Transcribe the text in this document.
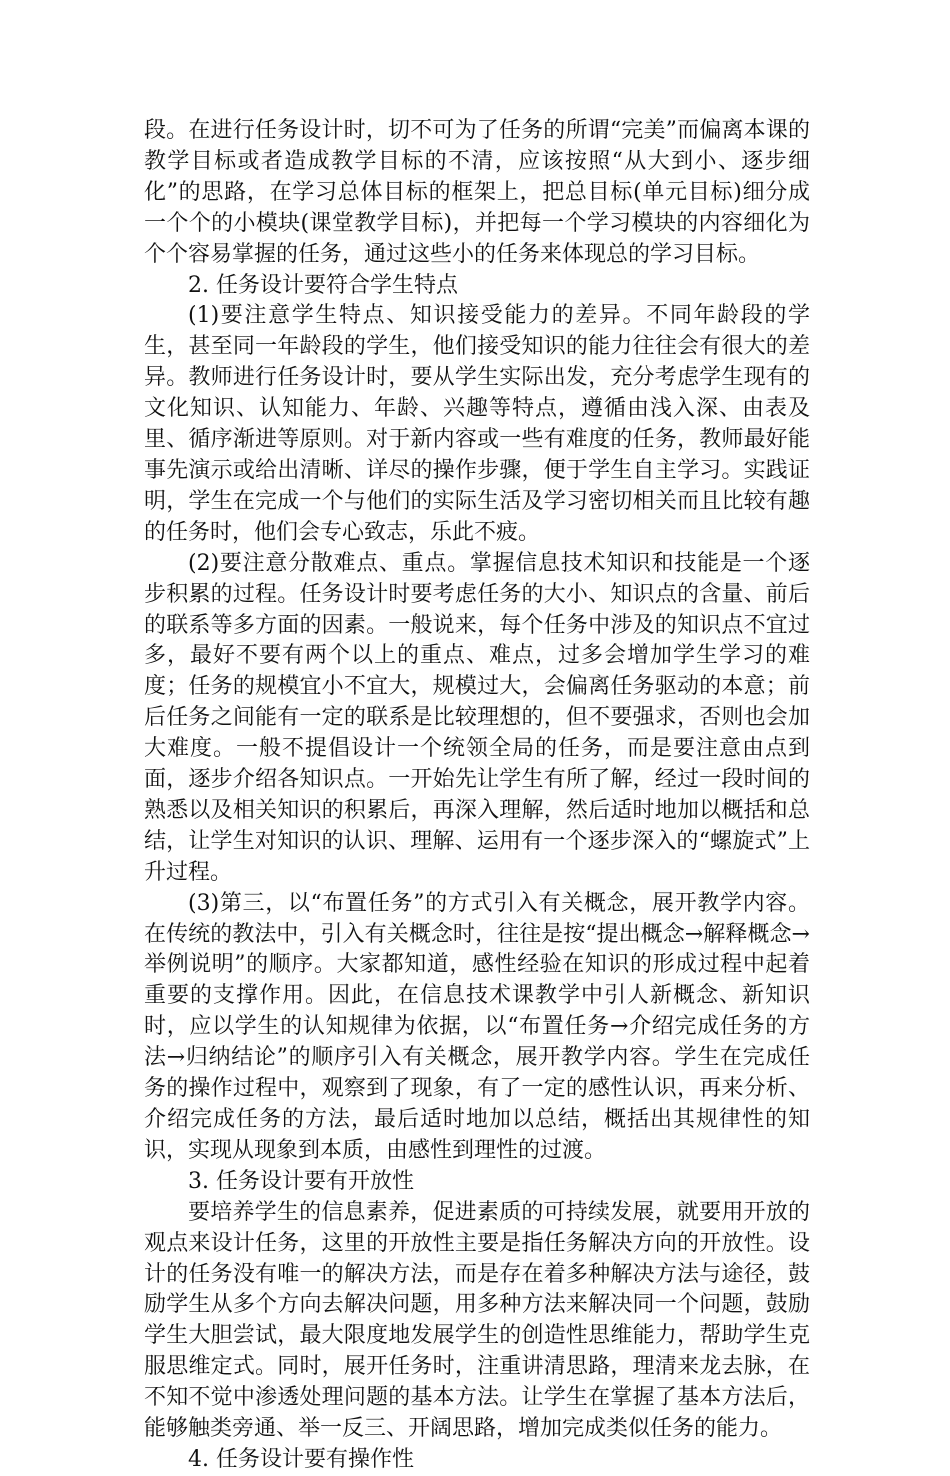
段。在进行任务设计时，切不可为了任务的所谓“完美”而偏离本课的教学目标或者造成教学目标的不清，应该按照“从大到小、逐步细化”的思路，在学习总体目标的框架上，把总目标(单元目标)细分成一个个的小模块(课堂教学目标)，并把每一个学习模块的内容细化为个个容易掌握的任务，通过这些小的任务来体现总的学习目标。

2. 任务设计要符合学生特点

(1)要注意学生特点、知识接受能力的差异。不同年龄段的学生，甚至同一年龄段的学生，他们接受知识的能力往往会有很大的差异。教师进行任务设计时，要从学生实际出发，充分考虑学生现有的文化知识、认知能力、年龄、兴趣等特点，遵循由浅入深、由表及里、循序渐进等原则。对于新内容或一些有难度的任务，教师最好能事先演示或给出清晰、详尽的操作步骤，便于学生自主学习。实践证明，学生在完成一个与他们的实际生活及学习密切相关而且比较有趣的任务时，他们会专心致志，乐此不疲。

(2)要注意分散难点、重点。掌握信息技术知识和技能是一个逐步积累的过程。任务设计时要考虑任务的大小、知识点的含量、前后的联系等多方面的因素。一般说来，每个任务中涉及的知识点不宜过多，最好不要有两个以上的重点、难点，过多会增加学生学习的难度；任务的规模宜小不宜大，规模过大，会偏离任务驱动的本意；前后任务之间能有一定的联系是比较理想的，但不要强求，否则也会加大难度。一般不提倡设计一个统领全局的任务，而是要注意由点到面，逐步介绍各知识点。一开始先让学生有所了解，经过一段时间的熟悉以及相关知识的积累后，再深入理解，然后适时地加以概括和总结，让学生对知识的认识、理解、运用有一个逐步深入的“螺旋式”上升过程。

(3)第三，以“布置任务”的方式引入有关概念，展开教学内容。在传统的教法中，引入有关概念时，往往是按“提出概念→解释概念→举例说明”的顺序。大家都知道，感性经验在知识的形成过程中起着重要的支撑作用。因此，在信息技术课教学中引人新概念、新知识时，应以学生的认知规律为依据，以“布置任务→介绍完成任务的方法→归纳结论”的顺序引入有关概念，展开教学内容。学生在完成任务的操作过程中，观察到了现象，有了一定的感性认识，再来分析、介绍完成任务的方法，最后适时地加以总结，概括出其规律性的知识，实现从现象到本质，由感性到理性的过渡。

3. 任务设计要有开放性

要培养学生的信息素养，促进素质的可持续发展，就要用开放的观点来设计任务，这里的开放性主要是指任务解决方向的开放性。设计的任务没有唯一的解决方法，而是存在着多种解决方法与途径，鼓励学生从多个方向去解决问题，用多种方法来解决同一个问题，鼓励学生大胆尝试，最大限度地发展学生的创造性思维能力，帮助学生克服思维定式。同时，展开任务时，注重讲清思路，理清来龙去脉，在不知不觉中渗透处理问题的基本方法。让学生在掌握了基本方法后，能够触类旁通、举一反三、开阔思路，增加完成类似任务的能力。

4. 任务设计要有操作性
